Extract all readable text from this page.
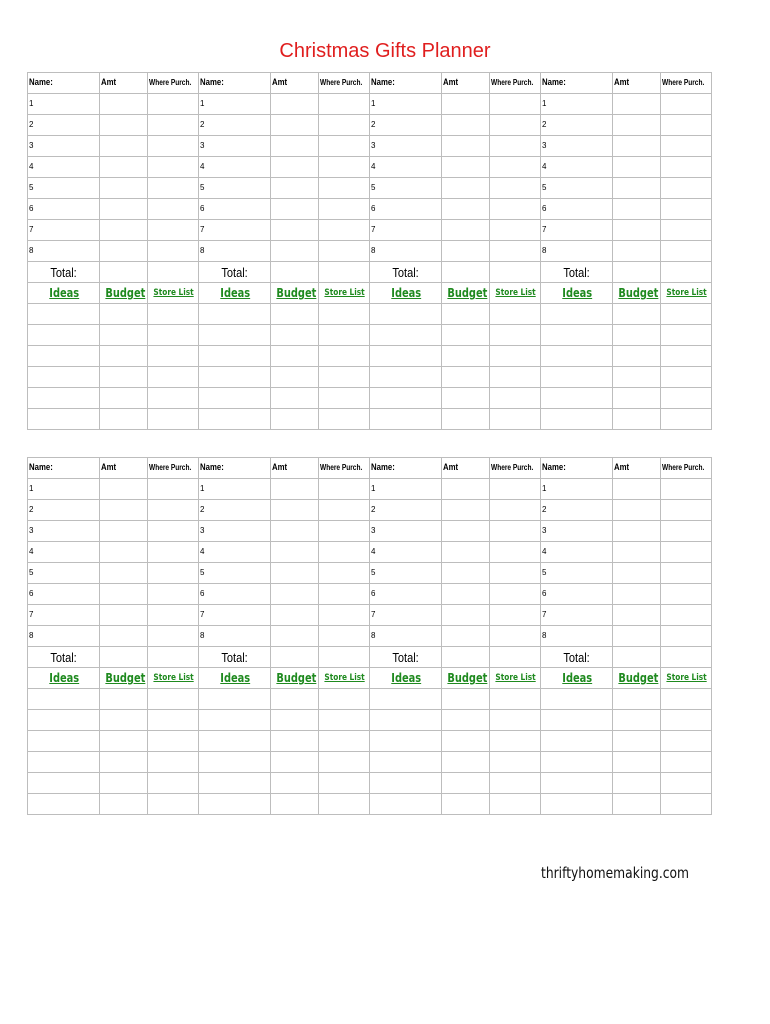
Christmas Gifts Planner
Name:	Amt	Where Purch.	Name:	Amt	Where Purch.	Name:	Amt	Where Purch.	Name:	Amt	Where Purch.
1			1			1			1		
2			2			2			2		
3			3			3			3		
4			4			4			4		
5			5			5			5		
6			6			6			6		
7			7			7			7		
8			8			8			8		
Total:			Total:			Total:			Total:		
Ideas	Budget	Store List	Ideas	Budget	Store List	Ideas	Budget	Store List	Ideas	Budget	Store List

Name:	Amt	Where Purch.	Name:	Amt	Where Purch.	Name:	Amt	Where Purch.	Name:	Amt	Where Purch.
1			1			1			1		
2			2			2			2		
3			3			3			3		
4			4			4			4		
5			5			5			5		
6			6			6			6		
7			7			7			7		
8			8			8			8		
Total:			Total:			Total:			Total:		
Ideas	Budget	Store List	Ideas	Budget	Store List	Ideas	Budget	Store List	Ideas	Budget	Store List

thriftyhomemaking.com
